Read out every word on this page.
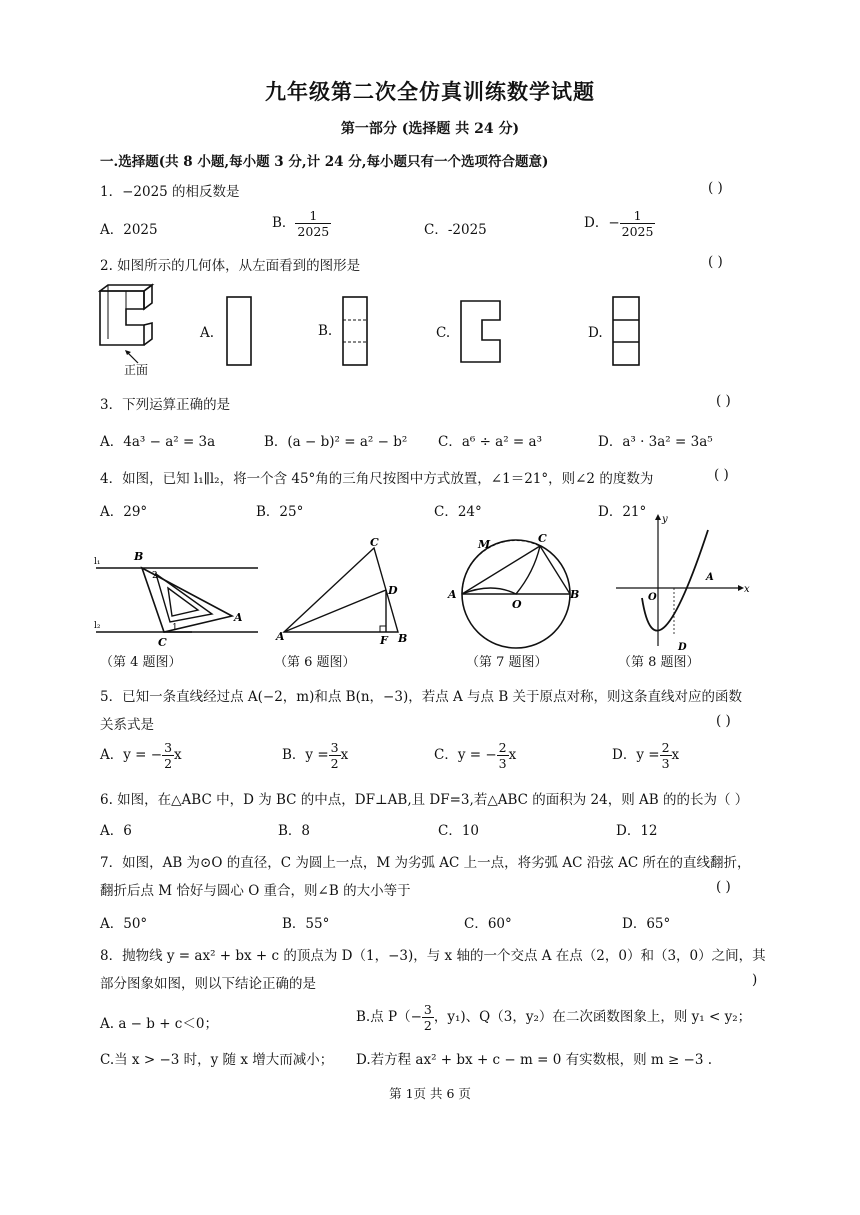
九年级第二次全仿真训练数学试题
第一部分 (选择题 共 24 分)
一.选择题(共 8 小题,每小题 3 分,计 24 分,每小题只有一个选项符合题意)
1．−2025 的相反数是	( )
A．2025	B． $\frac{1}{2025}$	C．-2025	D．− $\frac{1}{2025}$
2. 如图所示的几何体，从左面看到的图形是	( )
正面
A.	B.	C.	D.
3．下列运算正确的是	( )
A．4a³ − a² = 3a	B．(a − b)² = a² − b² C．a⁶ ÷ a² = a³	D．a³ · 3a² = 3a⁵
4．如图，已知 l₁∥l₂，将一个含 45°角的三角尺按图中方式放置，∠1＝21°，则∠2 的度数为	( )
A．29°	B．25°	C．24°	D．21°
B
C
A
l₁
l₂
2
1
（第 4 题图）
A
C
D
F B
（第 6 题图）
A	B
C
M
O
（第 7 题图）
O
x
y
A
D
（第 8 题图）
5．已知一条直线经过点 A(−2，m)和点 B(n，−3)，若点 A 与点 B 关于原点对称，则这条直线对应的函数
关系式是	( )
A．y = − $\frac{3}{2}$ x	B．$y = \frac{3}{2}$ x	C．y = − $\frac{2}{3}$ x	D．$y = \frac{2}{3}$ x
6. 如图，在△ABC 中，D 为 BC 的中点，DF⊥AB,且 DF=3,若△ABC 的面积为 24，则 AB 的的长为（ ）
A．6	B．8	C．10	D．12
7．如图，AB 为⊙O 的直径，C 为圆上一点，M 为劣弧 AC 上一点，将劣弧 AC 沿弦 AC 所在的直线翻折，
翻折后点 M 恰好与圆心 O 重合，则∠B 的大小等于	( )
A．50°	B．55°	C．60°	D．65°
8．抛物线 y = ax² + bx + c 的顶点为 D（1，−3)，与 x 轴的一个交点 A 在点（2，0）和（3，0）之间，其
部分图象如图，则以下结论正确的是	)
A. a − b + c＜0；	B.点 $P(- \frac{3}{2}$ ，y₁)、Q（3，y₂）在二次函数图象上，则 y₁ < y₂；
C.当 x > −3 时，y 随 x 增大而减小； D.若方程 ax² + bx + c − m = 0 有实数根，则 m ≥ −3 .
第 1页 共 6 页
